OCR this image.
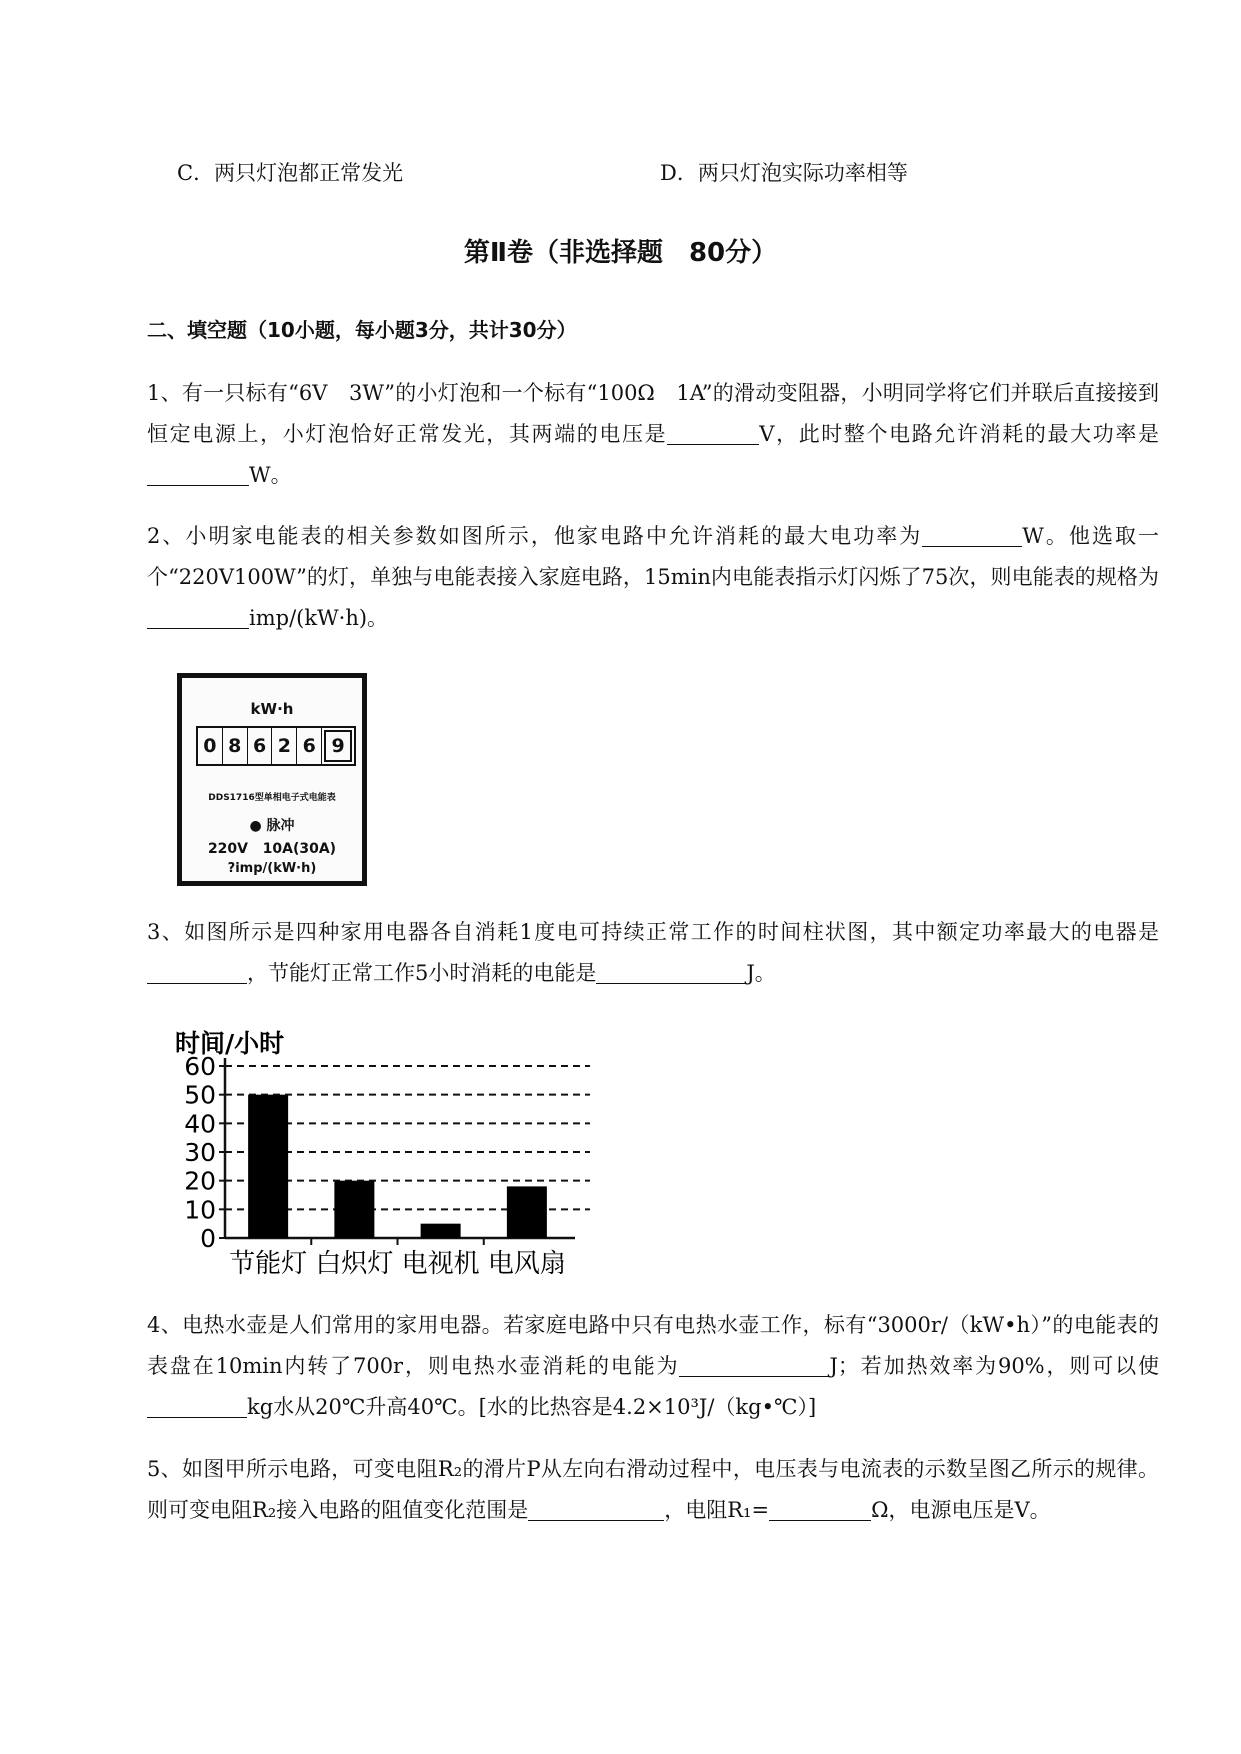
C．两只灯泡都正常发光	D．两只灯泡实际功率相等
第Ⅱ卷（非选择题　80分）
二、填空题（10小题，每小题3分，共计30分）
1、有一只标有“6V　3W”的小灯泡和一个标有“100Ω　1A”的滑动变阻器，小明同学将它们并联后直接接到恒定电源上，小灯泡恰好正常发光，其两端的电压是	V，此时整个电路允许消耗的最大功率是W。
2、小明家电能表的相关参数如图所示，他家电路中允许消耗的最大电功率为	W。他选取一个“220V100W”的灯，单独与电能表接入家庭电路，15min内电能表指示灯闪烁了75次，则电能表的规格为imp/(kW·h)。
kW·h
0 8 6 2 6 9
DDS1716型单相电子式电能表
● 脉冲
220V 10A(30A)
?imp/(kW·h)
3、如图所示是四种家用电器各自消耗1度电可持续正常工作的时间柱状图，其中额定功率最大的电器是，节能灯正常工作5小时消耗的电能是	J。
时间/小时
0
10
20
30
40
50
60
节能灯 白炽灯 电视机 电风扇
4、电热水壶是人们常用的家用电器。若家庭电路中只有电热水壶工作，标有“3000r/（kW•h）”的电能表的表盘在10min内转了700r，则电热水壶消耗的电能为	J；若加热效率为90%，则可以使kg水从20℃升高40℃。[水的比热容是4.2×10³J/（kg•℃）]
5、如图甲所示电路，可变电阻R₂的滑片P从左向右滑动过程中，电压表与电流表的示数呈图乙所示的规律。则可变电阻R₂接入电路的阻值变化范围是	，电阻R₁=	Ω，电源电压是V。
